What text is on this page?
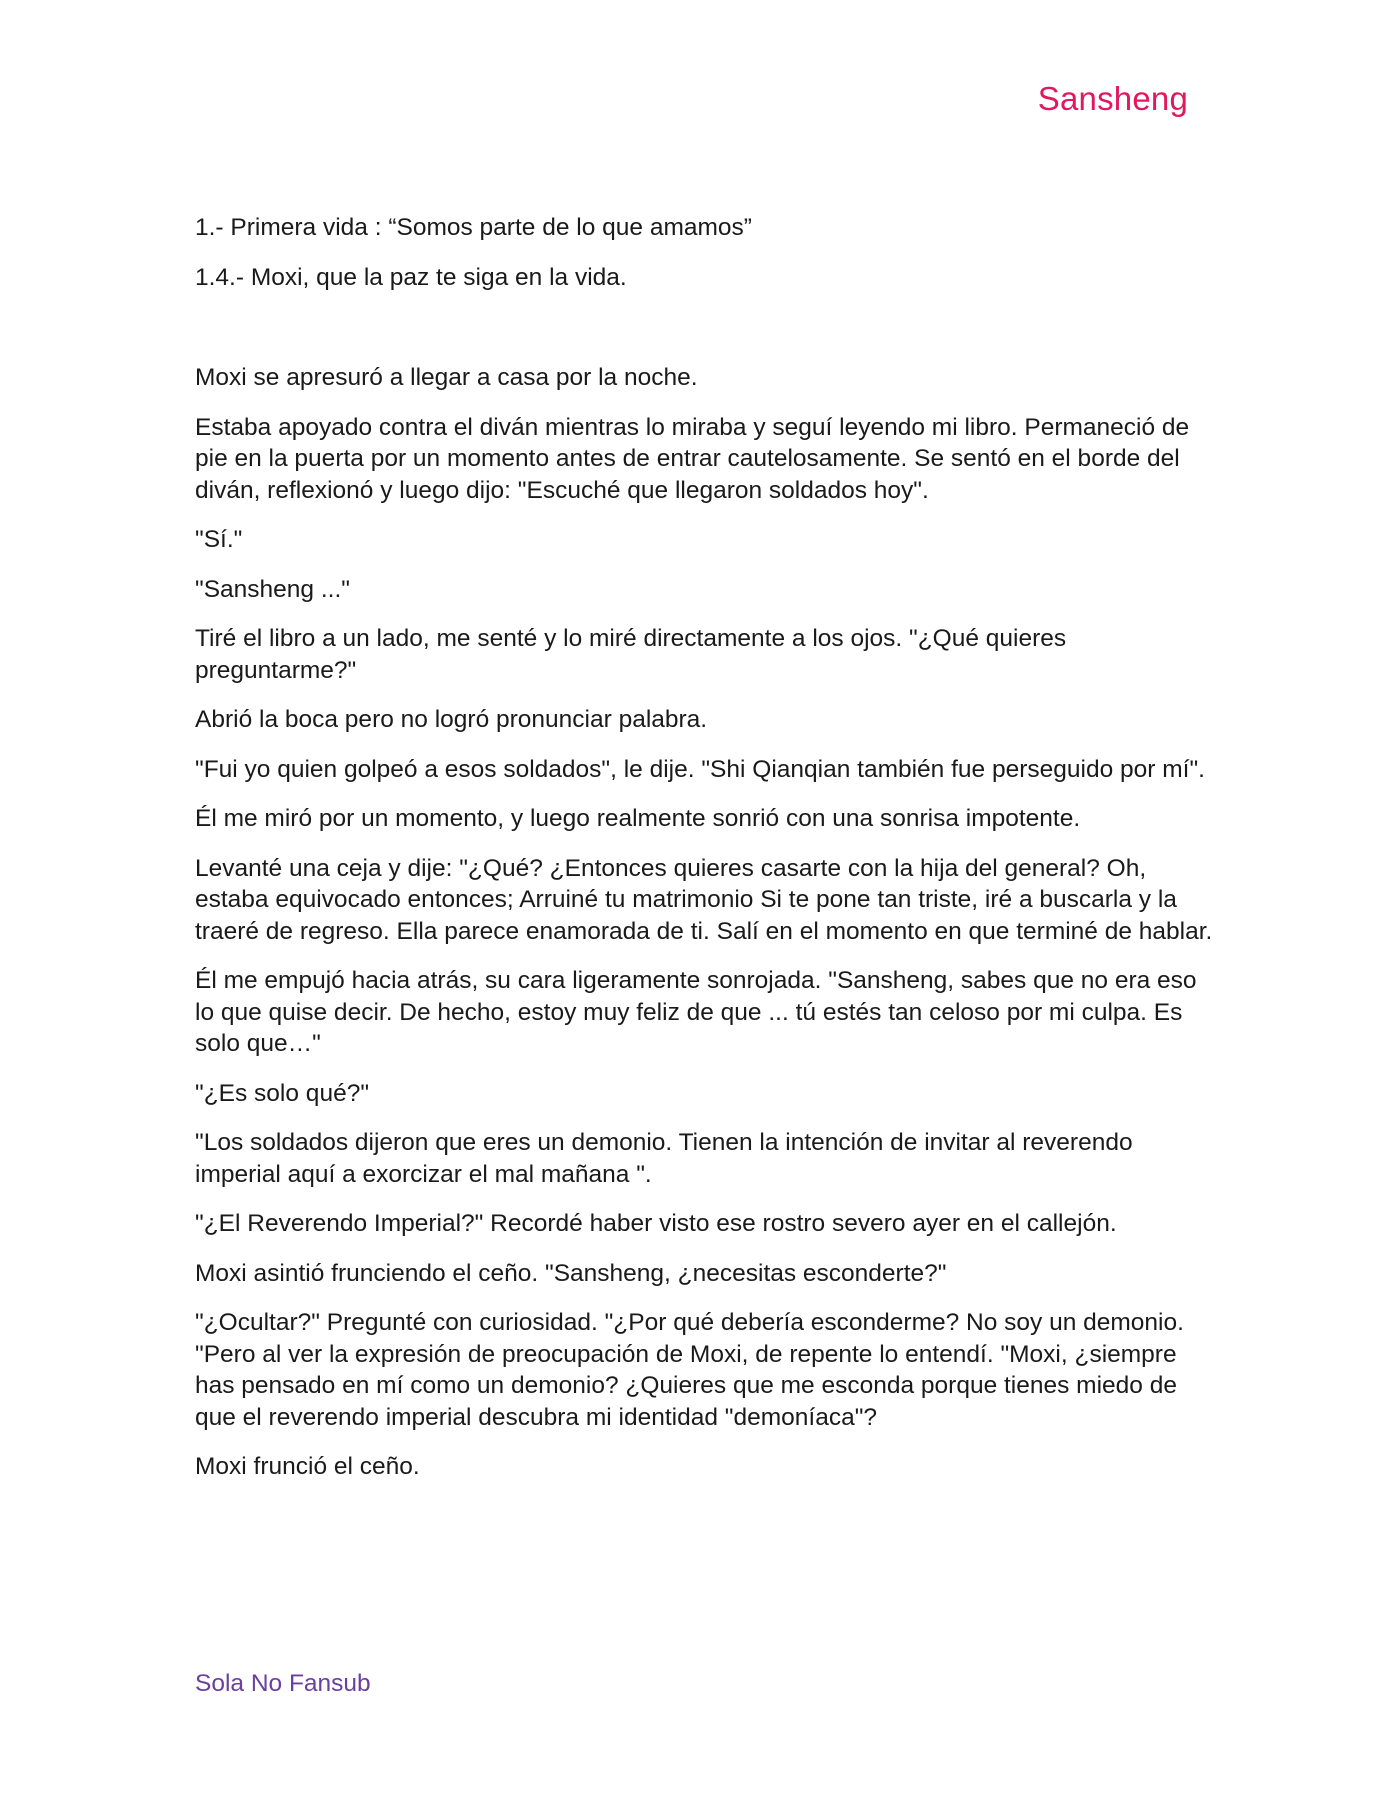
Sansheng

1.- Primera vida : “Somos parte de lo que amamos”

1.4.- Moxi, que la paz te siga en la vida.

Moxi se apresuró a llegar a casa por la noche.

Estaba apoyado contra el diván mientras lo miraba y seguí leyendo mi libro. Permaneció de pie en la puerta por un momento antes de entrar cautelosamente. Se sentó en el borde del diván, reflexionó y luego dijo: "Escuché que llegaron soldados hoy".

"Sí."

"Sansheng ..."

Tiré el libro a un lado, me senté y lo miré directamente a los ojos. "¿Qué quieres preguntarme?"

Abrió la boca pero no logró pronunciar palabra.

"Fui yo quien golpeó a esos soldados", le dije. "Shi Qianqian también fue perseguido por mí".

Él me miró por un momento, y luego realmente sonrió con una sonrisa impotente.

Levanté una ceja y dije: "¿Qué? ¿Entonces quieres casarte con la hija del general? Oh, estaba equivocado entonces; Arruiné tu matrimonio Si te pone tan triste, iré a buscarla y la traeré de regreso. Ella parece enamorada de ti. Salí en el momento en que terminé de hablar.

Él me empujó hacia atrás, su cara ligeramente sonrojada. "Sansheng, sabes que no era eso lo que quise decir. De hecho, estoy muy feliz de que ... tú estés tan celoso por mi culpa. Es solo que…"

"¿Es solo qué?"

"Los soldados dijeron que eres un demonio. Tienen la intención de invitar al reverendo imperial aquí a exorcizar el mal mañana ".

"¿El Reverendo Imperial?" Recordé haber visto ese rostro severo ayer en el callejón.

Moxi asintió frunciendo el ceño. "Sansheng, ¿necesitas esconderte?"

"¿Ocultar?" Pregunté con curiosidad. "¿Por qué debería esconderme? No soy un demonio. "Pero al ver la expresión de preocupación de Moxi, de repente lo entendí. "Moxi, ¿siempre has pensado en mí como un demonio? ¿Quieres que me esconda porque tienes miedo de que el reverendo imperial descubra mi identidad "demoníaca"?

Moxi frunció el ceño.

Sola No Fansub
